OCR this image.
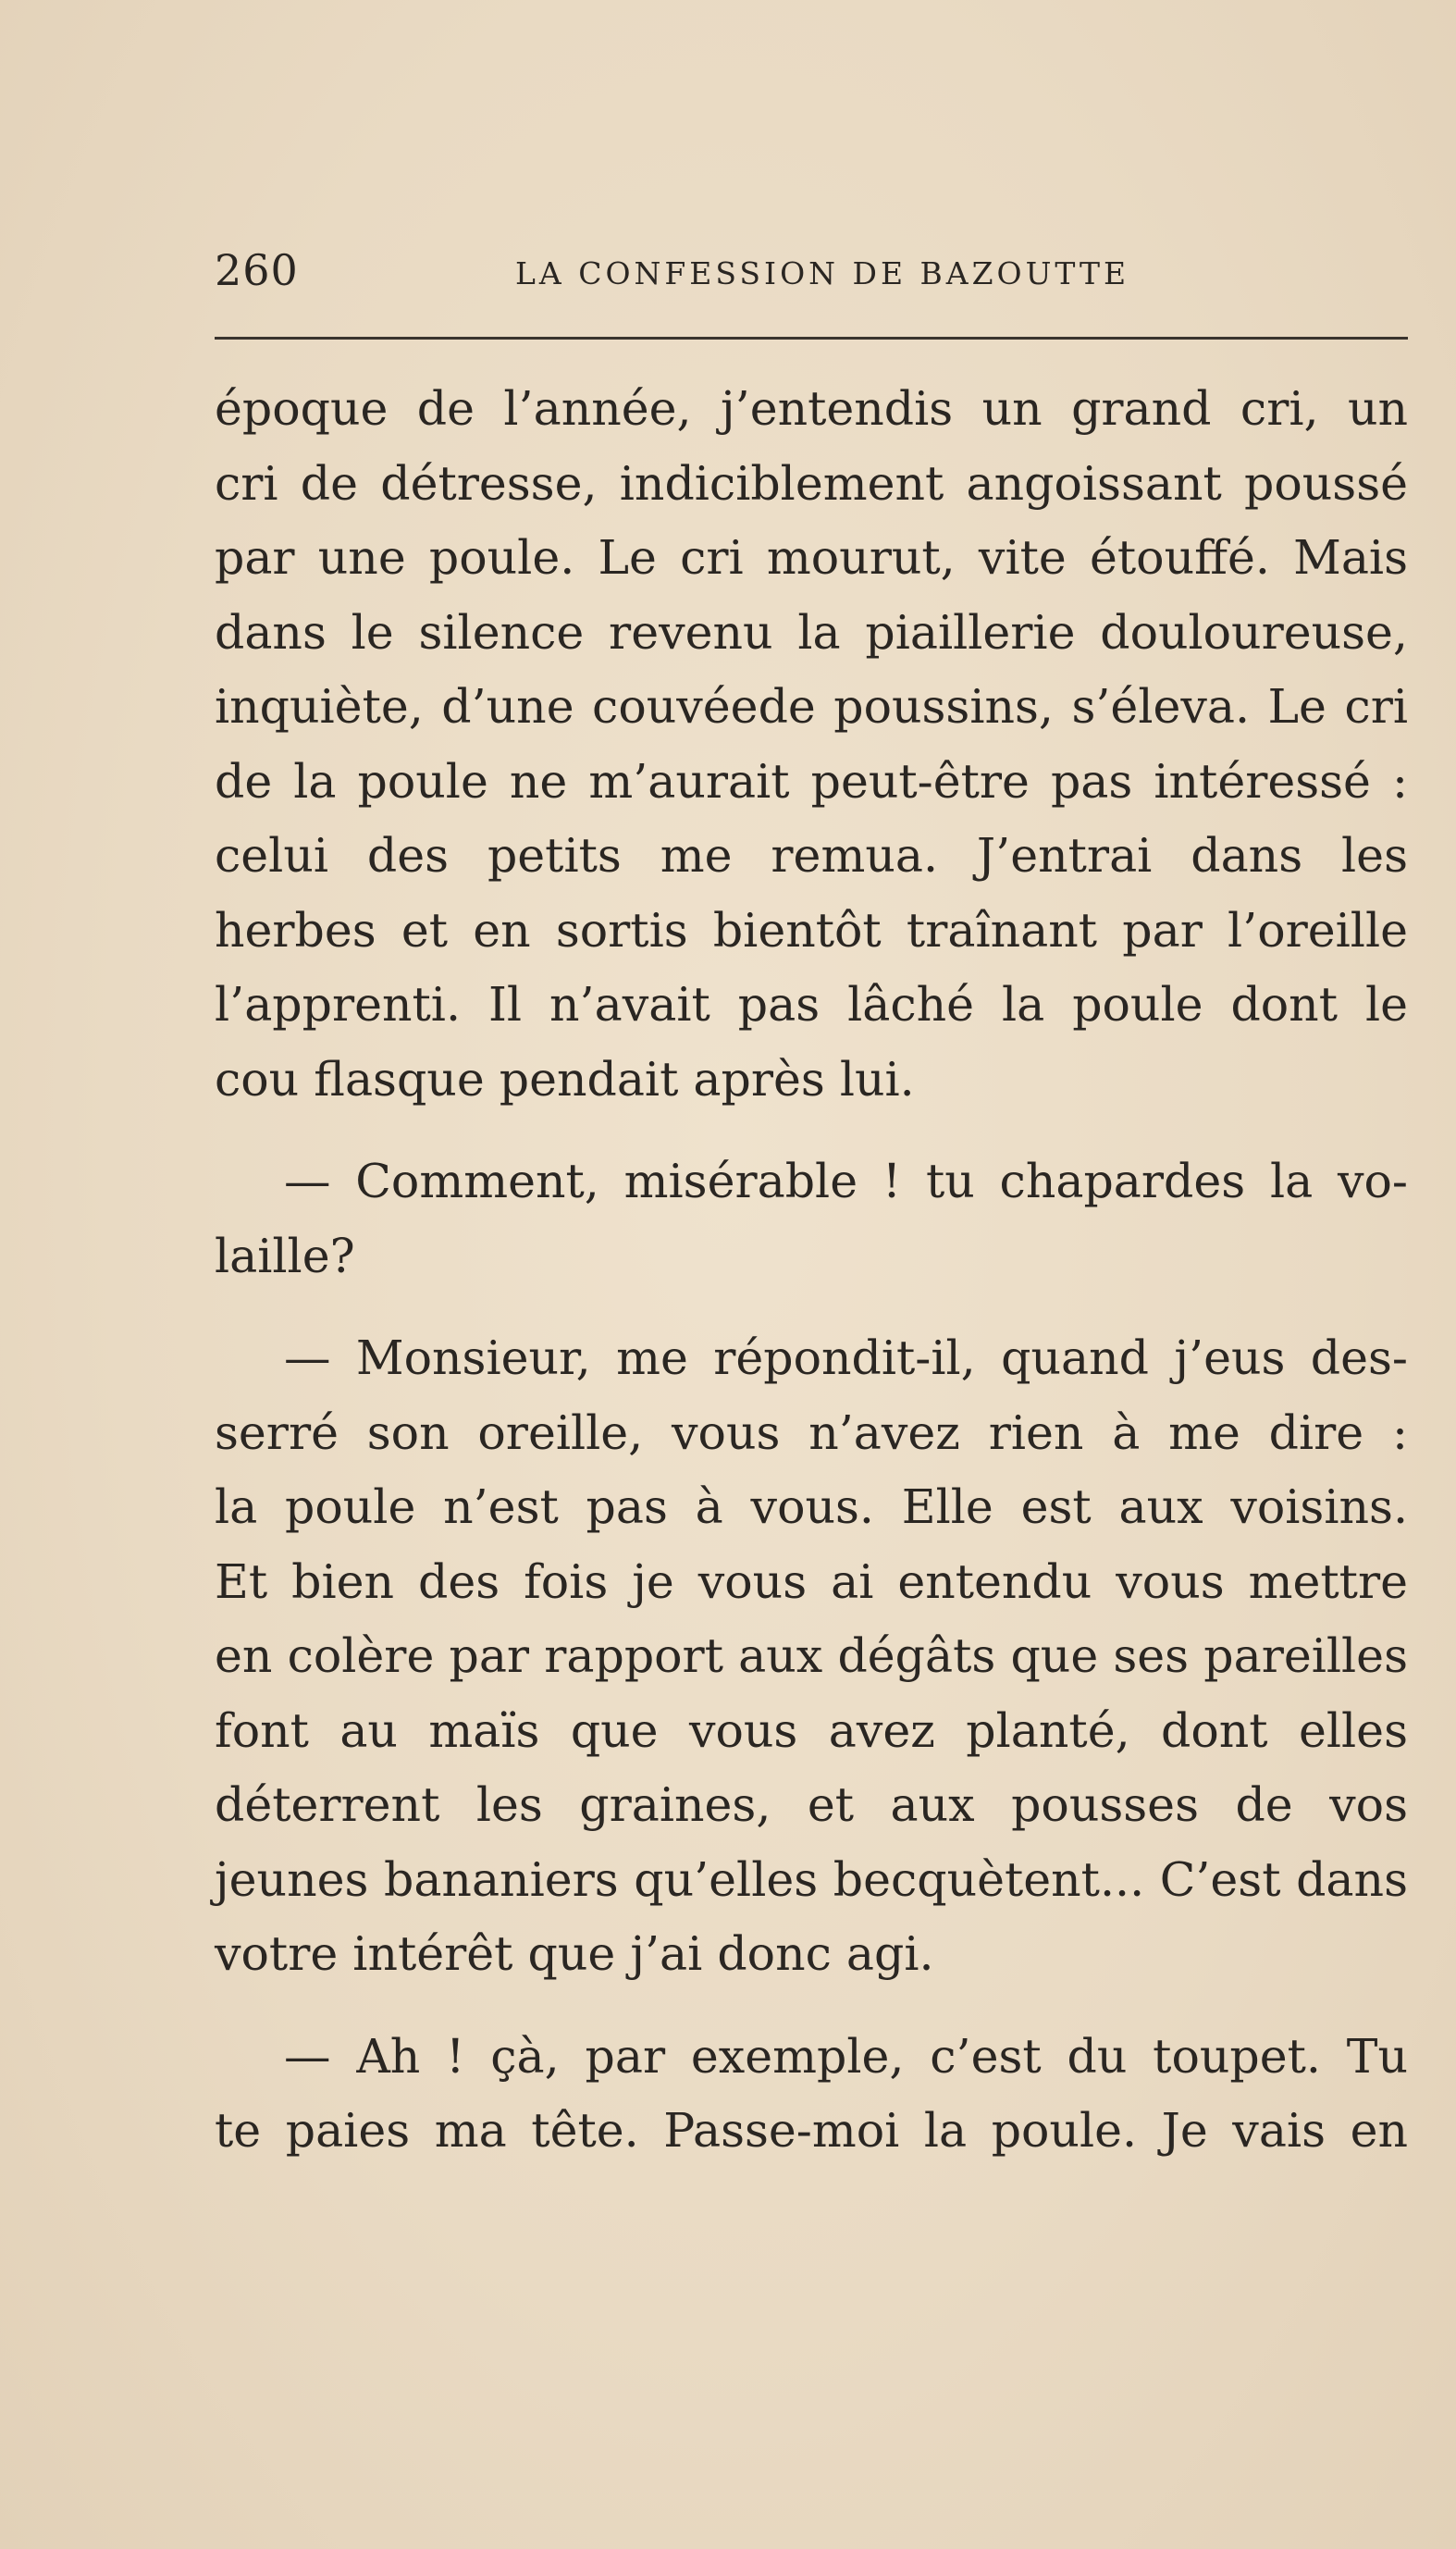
260	LA CONFESSION DE BAZOUTTE
époque de l’année, j’entendis un grand cri, un
cri de détresse, indiciblement angoissant poussé
par une poule. Le cri mourut, vite étouffé. Mais
dans le silence revenu la piaillerie douloureuse,
inquiète, d’une couvéede poussins, s’éleva. Le cri
de la poule ne m’aurait peut-être pas intéressé :
celui des petits me remua. J’entrai dans les
herbes et en sortis bientôt traînant par l’oreille
l’apprenti. Il n’avait pas lâché la poule dont le
cou flasque pendait après lui.
— Comment, misérable ! tu chapardes la vo-
laille?
— Monsieur, me répondit-il, quand j’eus des-
serré son oreille, vous n’avez rien à me dire :
la poule n’est pas à vous. Elle est aux voisins.
Et bien des fois je vous ai entendu vous mettre
en colère par rapport aux dégâts que ses pareilles
font au maïs que vous avez planté, dont elles
déterrent les graines, et aux pousses de vos
jeunes bananiers qu’elles becquètent... C’est dans
votre intérêt que j’ai donc agi.
— Ah ! çà, par exemple, c’est du toupet. Tu
te paies ma tête. Passe-moi la poule. Je vais en
